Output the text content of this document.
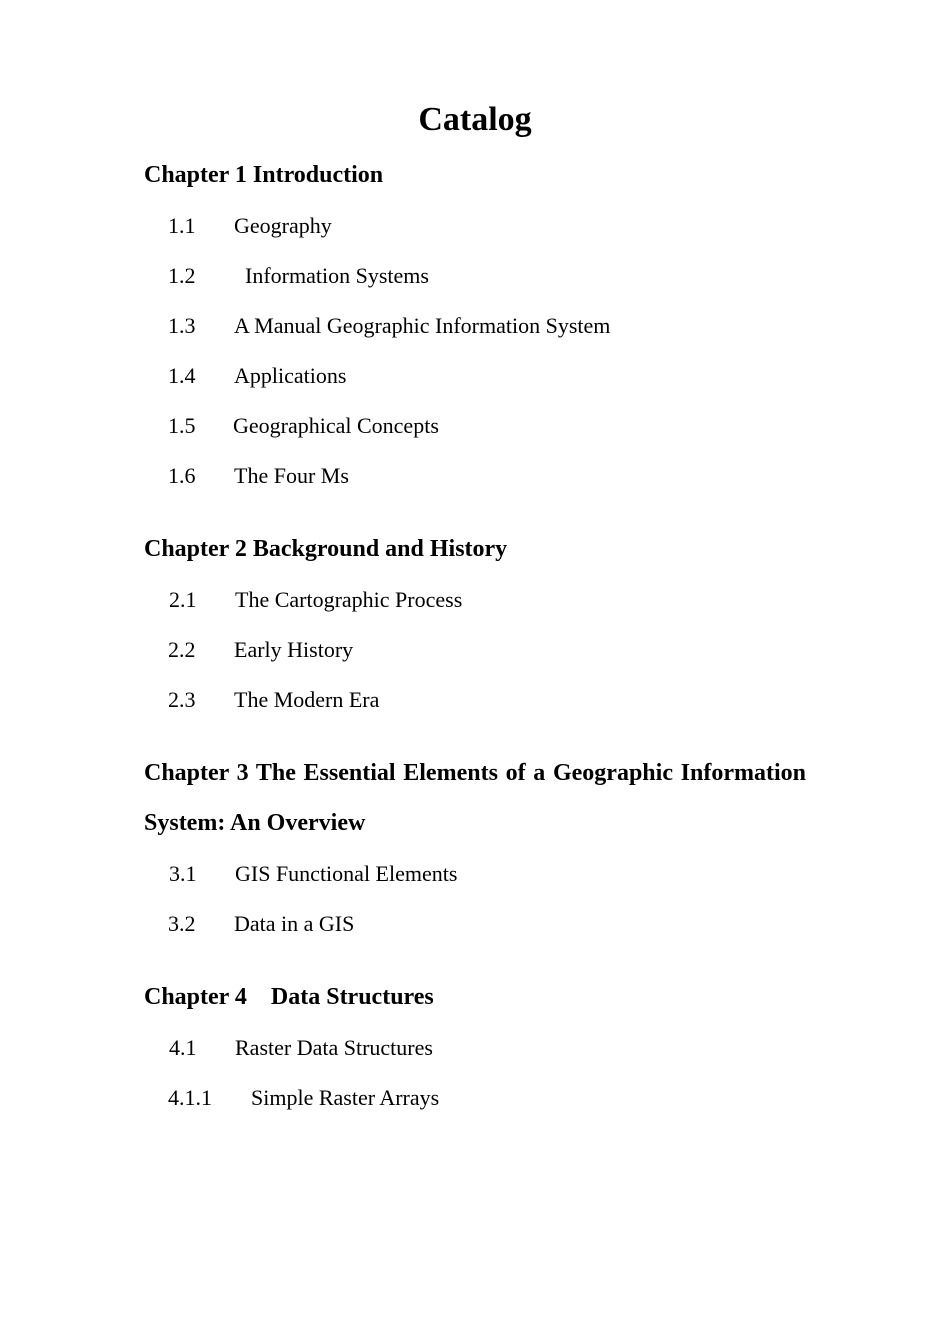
Catalog
Chapter 1 Introduction
1.1 Geography
1.2 Information Systems
1.3 A Manual Geographic Information System
1.4 Applications
1.5 Geographical Concepts
1.6 The Four Ms
Chapter 2 Background and History
2.1 The Cartographic Process
2.2 Early History
2.3 The Modern Era
Chapter 3 The Essential Elements of a Geographic Information System: An Overview
3.1 GIS Functional Elements
3.2 Data in a GIS
Chapter 4    Data Structures
4.1 Raster Data Structures
4.1.1 Simple Raster Arrays
